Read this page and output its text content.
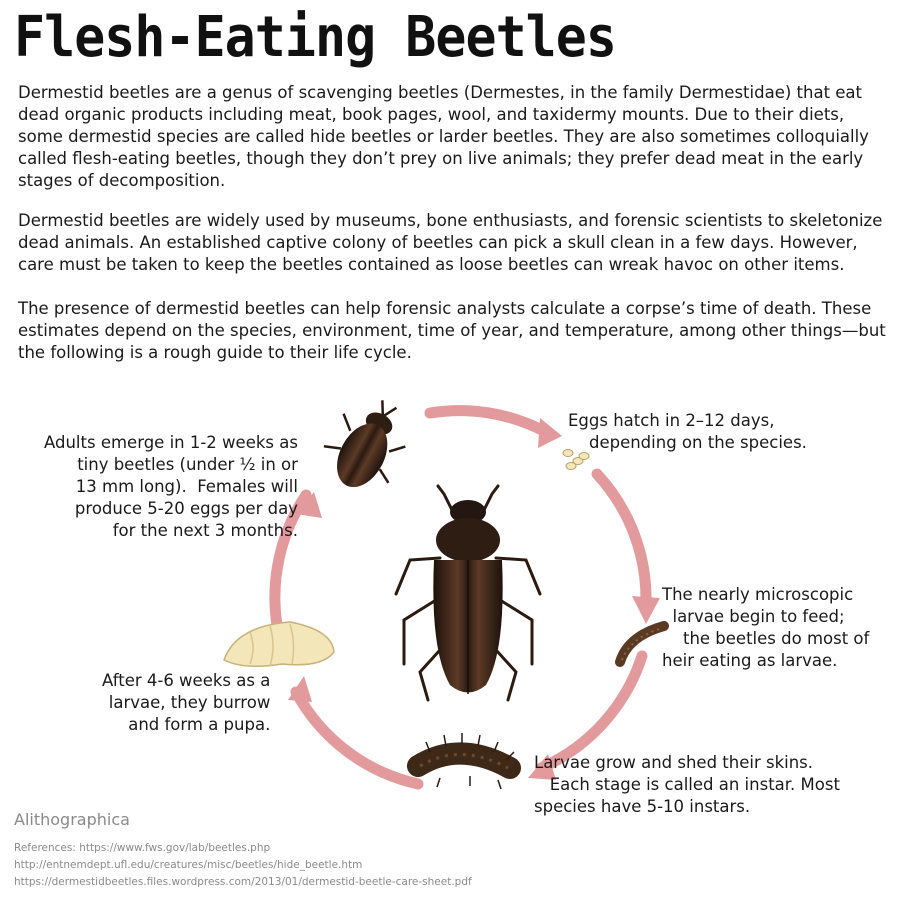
Flesh-Eating Beetles

Dermestid beetles are a genus of scavenging beetles (Dermestes, in the family Dermestidae) that eat dead organic products including meat, book pages, wool, and taxidermy mounts. Due to their diets, some dermestid species are called hide beetles or larder beetles. They are also sometimes colloquially called flesh-eating beetles, though they don’t prey on live animals; they prefer dead meat in the early stages of decomposition.

Dermestid beetles are widely used by museums, bone enthusiasts, and forensic scientists to skeletonize dead animals. An established captive colony of beetles can pick a skull clean in a few days. However, care must be taken to keep the beetles contained as loose beetles can wreak havoc on other items.

The presence of dermestid beetles can help forensic analysts calculate a corpse’s time of death. These estimates depend on the species, environment, time of year, and temperature, among other things—but the following is a rough guide to their life cycle.

Eggs hatch in 2–12 days,
depending on the species.
The nearly microscopic
larvae begin to feed;
the beetles do most of
heir eating as larvae.
Larvae grow and shed their skins.
Each stage is called an instar. Most
species have 5-10 instars.
After 4-6 weeks as a
larvae, they burrow
and form a pupa.
Adults emerge in 1-2 weeks as
tiny beetles (under ½ in or
13 mm long).  Females will
produce 5-20 eggs per day
for the next 3 months.
Alithographica
References: https://www.fws.gov/lab/beetles.php
http://entnemdept.ufl.edu/creatures/misc/beetles/hide_beetle.htm
https://dermestidbeetles.files.wordpress.com/2013/01/dermestid-beetle-care-sheet.pdf
